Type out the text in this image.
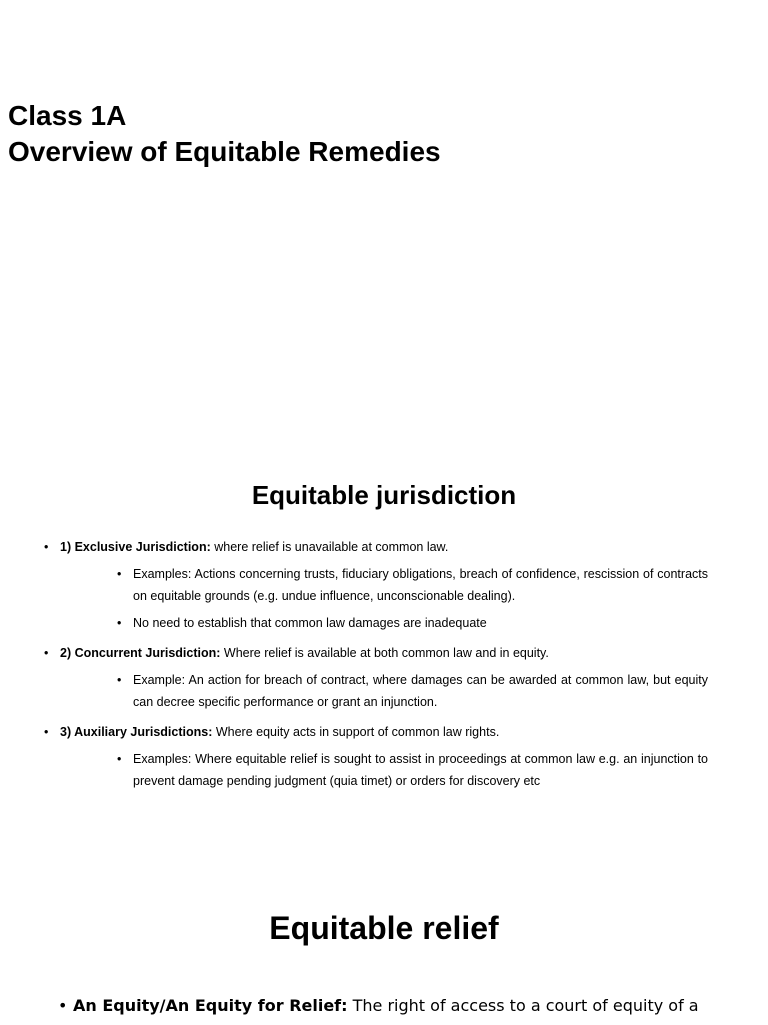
Class 1A
Overview of Equitable Remedies
Equitable jurisdiction
• 1) Exclusive Jurisdiction: where relief is unavailable at common law.
• Examples: Actions concerning trusts, fiduciary obligations, breach of confidence, rescission of contracts on equitable grounds (e.g. undue influence, unconscionable dealing).
• No need to establish that common law damages are inadequate
• 2) Concurrent Jurisdiction: Where relief is available at both common law and in equity.
• Example: An action for breach of contract, where damages can be awarded at common law, but equity can decree specific performance or grant an injunction.
• 3) Auxiliary Jurisdictions: Where equity acts in support of common law rights.
• Examples: Where equitable relief is sought to assist in proceedings at common law e.g. an injunction to prevent damage pending judgment (quia timet) or orders for discovery etc
Equitable relief
• An Equity/An Equity for Relief: The right of access to a court of equity of a
